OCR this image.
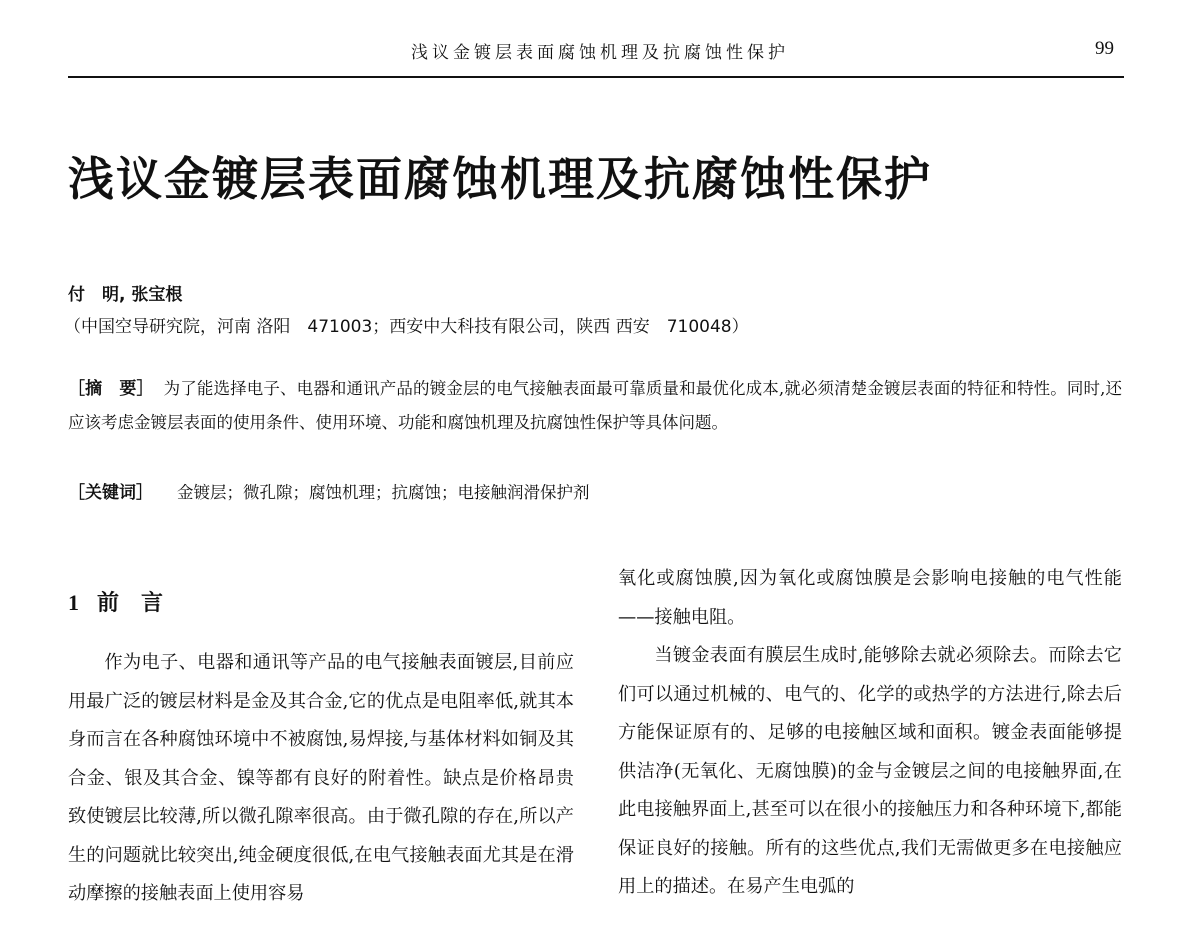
浅议金镀层表面腐蚀机理及抗腐蚀性保护	99
浅议金镀层表面腐蚀机理及抗腐蚀性保护
付　明, 张宝根
（中国空导研究院，河南 洛阳　471003；西安中大科技有限公司，陕西 西安　710048）

［摘　要］ 为了能选择电子、电器和通讯产品的镀金层的电气接触表面最可靠质量和最优化成本,就必须清楚金镀层表面的特征和特性。同时,还应该考虑金镀层表面的使用条件、使用环境、功能和腐蚀机理及抗腐蚀性保护等具体问题。

［关键词］ 金镀层；微孔隙；腐蚀机理；抗腐蚀；电接触润滑保护剂
1 前　言

作为电子、电器和通讯等产品的电气接触表面镀层,目前应用最广泛的镀层材料是金及其合金,它的优点是电阻率低,就其本身而言在各种腐蚀环境中不被腐蚀,易焊接,与基体材料如铜及其合金、银及其合金、镍等都有良好的附着性。缺点是价格昂贵致使镀层比较薄,所以微孔隙率很高。由于微孔隙的存在,所以产生的问题就比较突出,纯金硬度很低,在电气接触表面尤其是在滑动摩擦的接触表面上使用容易

氧化或腐蚀膜,因为氧化或腐蚀膜是会影响电接触的电气性能——接触电阻。

当镀金表面有膜层生成时,能够除去就必须除去。而除去它们可以通过机械的、电气的、化学的或热学的方法进行,除去后方能保证原有的、足够的电接触区域和面积。镀金表面能够提供洁净(无氧化、无腐蚀膜)的金与金镀层之间的电接触界面,在此电接触界面上,甚至可以在很小的接触压力和各种环境下,都能保证良好的接触。所有的这些优点,我们无需做更多在电接触应用上的描述。在易产生电弧的
